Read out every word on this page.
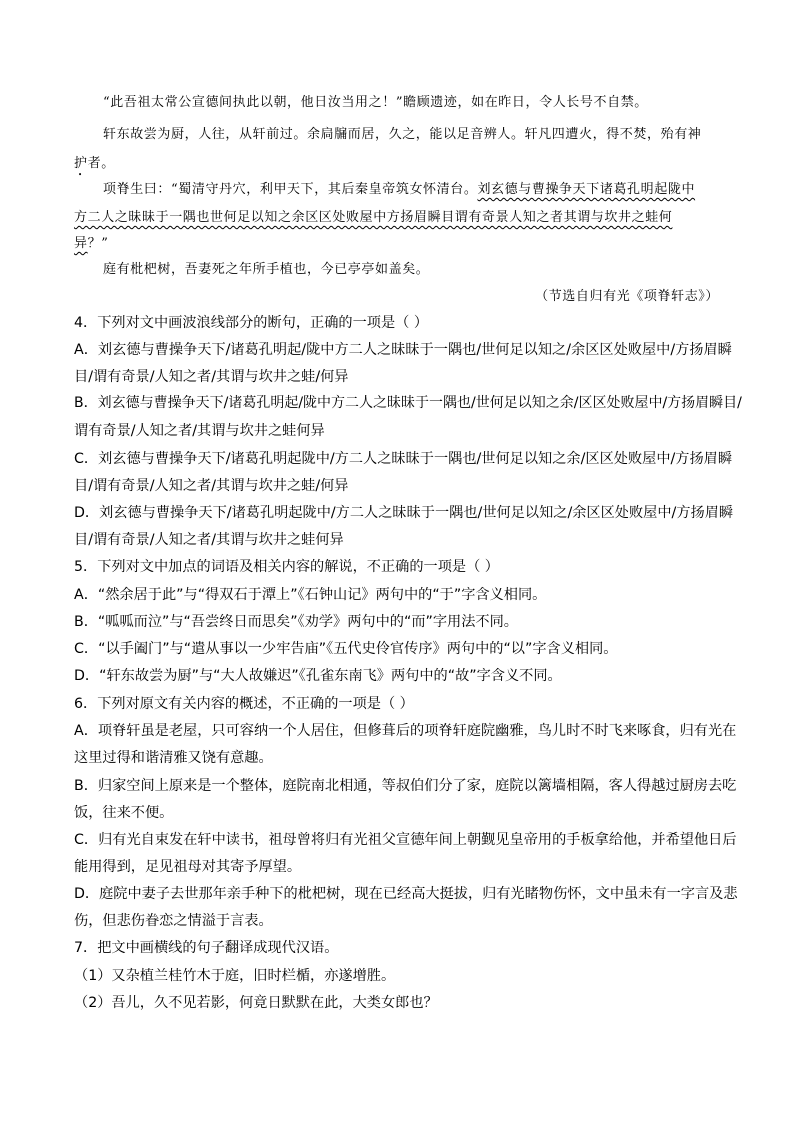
“此吾祖太常公宣德间执此以朝，他日汝当用之！”瞻顾遗迹，如在昨日，令人长号不自禁。
轩东故尝为厨，人往，从轩前过。余扃牖而居，久之，能以足音辨人。轩凡四遭火，得不焚，殆有神
护者。
项脊生曰：“蜀清守丹穴，利甲天下，其后秦皇帝筑女怀清台。刘玄德与曹操争天下诸葛孔明起陇中
方二人之昧昧于一隅也世何足以知之余区区处败屋中方扬眉瞬目谓有奇景人知之者其谓与坎井之蛙何
异？”
庭有枇杷树，吾妻死之年所手植也，今已亭亭如盖矣。
（节选自归有光《项脊轩志》）
4．下列对文中画波浪线部分的断句，正确的一项是（ ）
A．刘玄德与曹操争天下/诸葛孔明起/陇中方二人之昧昧于一隅也/世何足以知之/余区区处败屋中/方扬眉瞬
目/谓有奇景/人知之者/其谓与坎井之蛙/何异
B．刘玄德与曹操争天下/诸葛孔明起/陇中方二人之昧昧于一隅也/世何足以知之余/区区处败屋中/方扬眉瞬目/
谓有奇景/人知之者/其谓与坎井之蛙何异
C．刘玄德与曹操争天下/诸葛孔明起陇中/方二人之昧昧于一隅也/世何足以知之余/区区处败屋中/方扬眉瞬
目/谓有奇景/人知之者/其谓与坎井之蛙/何异
D．刘玄德与曹操争天下/诸葛孔明起陇中/方二人之昧昧于一隅也/世何足以知之/余区区处败屋中/方扬眉瞬
目/谓有奇景/人知之者/其谓与坎井之蛙何异
5．下列对文中加点的词语及相关内容的解说，不正确的一项是（ ）
A．“然余居于此”与“得双石于潭上”《石钟山记》两句中的“于”字含义相同。
B．“呱呱而泣”与“吾尝终日而思矣”《劝学》两句中的“而”字用法不同。
C．“以手阖门”与“遣从事以一少牢告庙”《五代史伶官传序》两句中的“以”字含义相同。
D．“轩东故尝为厨”与“大人故嫌迟”《孔雀东南飞》两句中的“故”字含义不同。
6．下列对原文有关内容的概述，不正确的一项是（ ）
A．项脊轩虽是老屋，只可容纳一个人居住，但修葺后的项脊轩庭院幽雅，鸟儿时不时飞来啄食，归有光在
这里过得和谐清雅又饶有意趣。
B．归家空间上原来是一个整体，庭院南北相通，等叔伯们分了家，庭院以篱墙相隔，客人得越过厨房去吃
饭，往来不便。
C．归有光自束发在轩中读书，祖母曾将归有光祖父宣德年间上朝觐见皇帝用的手板拿给他，并希望他日后
能用得到，足见祖母对其寄予厚望。
D．庭院中妻子去世那年亲手种下的枇杷树，现在已经高大挺拔，归有光睹物伤怀，文中虽未有一字言及悲
伤，但悲伤眷恋之情溢于言表。
7．把文中画横线的句子翻译成现代汉语。
（1）又杂植兰桂竹木于庭，旧时栏楯，亦遂增胜。
（2）吾儿，久不见若影，何竟日默默在此，大类女郎也？
